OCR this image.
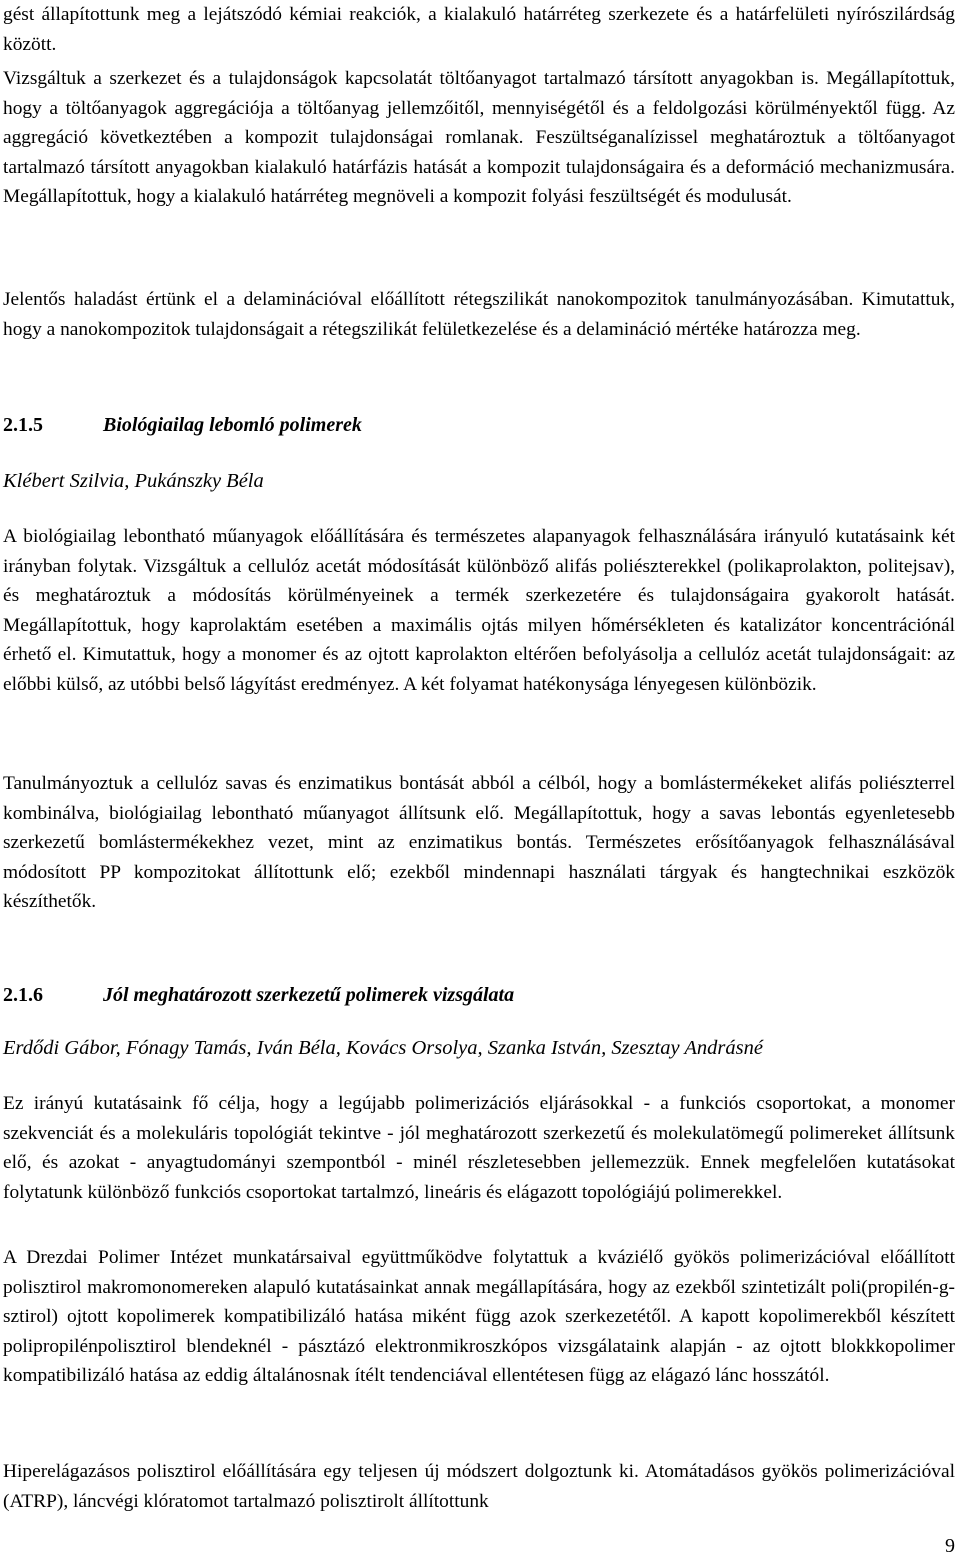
gést állapítottunk meg a lejátszódó kémiai reakciók, a kialakuló határréteg szerkezete és a határfelületi nyírószilárdság között.

Vizsgáltuk a szerkezet és a tulajdonságok kapcsolatát töltőanyagot tartalmazó társított anyagokban is. Megállapítottuk, hogy a töltőanyagok aggregációja a töltőanyag jellemzőitől, mennyiségétől és a feldolgozási körülményektől függ. Az aggregáció következtében a kompozit tulajdonságai romlanak. Feszültséganalízissel meghatároztuk a töltőanyagot tartalmazó társított anyagokban kialakuló határfázis hatását a kompozit tulajdonságaira és a deformáció mechanizmusára. Megállapítottuk, hogy a kialakuló határréteg megnöveli a kompozit folyási feszültségét és modulusát.

Jelentős haladást értünk el a delaminációval előállított rétegszilikát nanokompozitok tanulmányozásában. Kimutattuk, hogy a nanokompozitok tulajdonságait a rétegszilikát felületkezelése és a delamináció mértéke határozza meg.

2.1.5	Biológiailag lebomló polimerek

Klébert Szilvia, Pukánszky Béla

A biológiailag lebontható műanyagok előállítására és természetes alapanyagok felhasználására irányuló kutatásaink két irányban folytak. Vizsgáltuk a cellulóz acetát módosítását különböző alifás poliészterekkel (polikaprolakton, politejsav), és meghatároztuk a módosítás körülményeinek a termék szerkezetére és tulajdonságaira gyakorolt hatását. Megállapítottuk, hogy kaprolaktám esetében a maximális ojtás milyen hőmérsékleten és katalizátor koncentrációnál érhető el. Kimutattuk, hogy a monomer és az ojtott kaprolakton eltérően befolyásolja a cellulóz acetát tulajdonságait: az előbbi külső, az utóbbi belső lágyítást eredményez. A két folyamat hatékonysága lényegesen különbözik.

Tanulmányoztuk a cellulóz savas és enzimatikus bontását abból a célból, hogy a bomlástermékeket alifás poliészterrel kombinálva, biológiailag lebontható műanyagot állítsunk elő. Megállapítottuk, hogy a savas lebontás egyenletesebb szerkezetű bomlástermékekhez vezet, mint az enzimatikus bontás. Természetes erősítőanyagok felhasználásával módosított PP kompozitokat állítottunk elő; ezekből mindennapi használati tárgyak és hangtechnikai eszközök készíthetők.

2.1.6	Jól meghatározott szerkezetű polimerek vizsgálata

Erdődi Gábor, Fónagy Tamás, Iván Béla, Kovács Orsolya, Szanka István, Szesztay Andrásné

Ez irányú kutatásaink fő célja, hogy a legújabb polimerizációs eljárásokkal - a funkciós csoportokat, a monomer szekvenciát és a molekuláris topológiát tekintve - jól meghatározott szerkezetű és molekulatömegű polimereket állítsunk elő, és azokat - anyagtudományi szempontból - minél részletesebben jellemezzük. Ennek megfelelően kutatásokat folytatunk különböző funkciós csoportokat tartalmzó, lineáris és elágazott topológiájú polimerekkel.

A Drezdai Polimer Intézet munkatársaival együttműködve folytattuk a kváziélő gyökös polimerizációval előállított polisztirol makromonomereken alapuló kutatásainkat annak megállapítására, hogy az ezekből szintetizált poli(propilén-g-sztirol) ojtott kopolimerek kompatibilizáló hatása miként függ azok szerkezetétől. A kapott kopolimerekből készített polipropilénpolisztirol blendeknél - pásztázó elektronmikroszkópos vizsgálataink alapján - az ojtott blokkkopolimer kompatibilizáló hatása az eddig általánosnak ítélt tendenciával ellentétesen függ az elágazó lánc hosszától.

Hiperelágazásos polisztirol előállítására egy teljesen új módszert dolgoztunk ki. Atomátadásos gyökös polimerizációval (ATRP), láncvégi klóratomot tartalmazó polisztirolt állítottunk

9
